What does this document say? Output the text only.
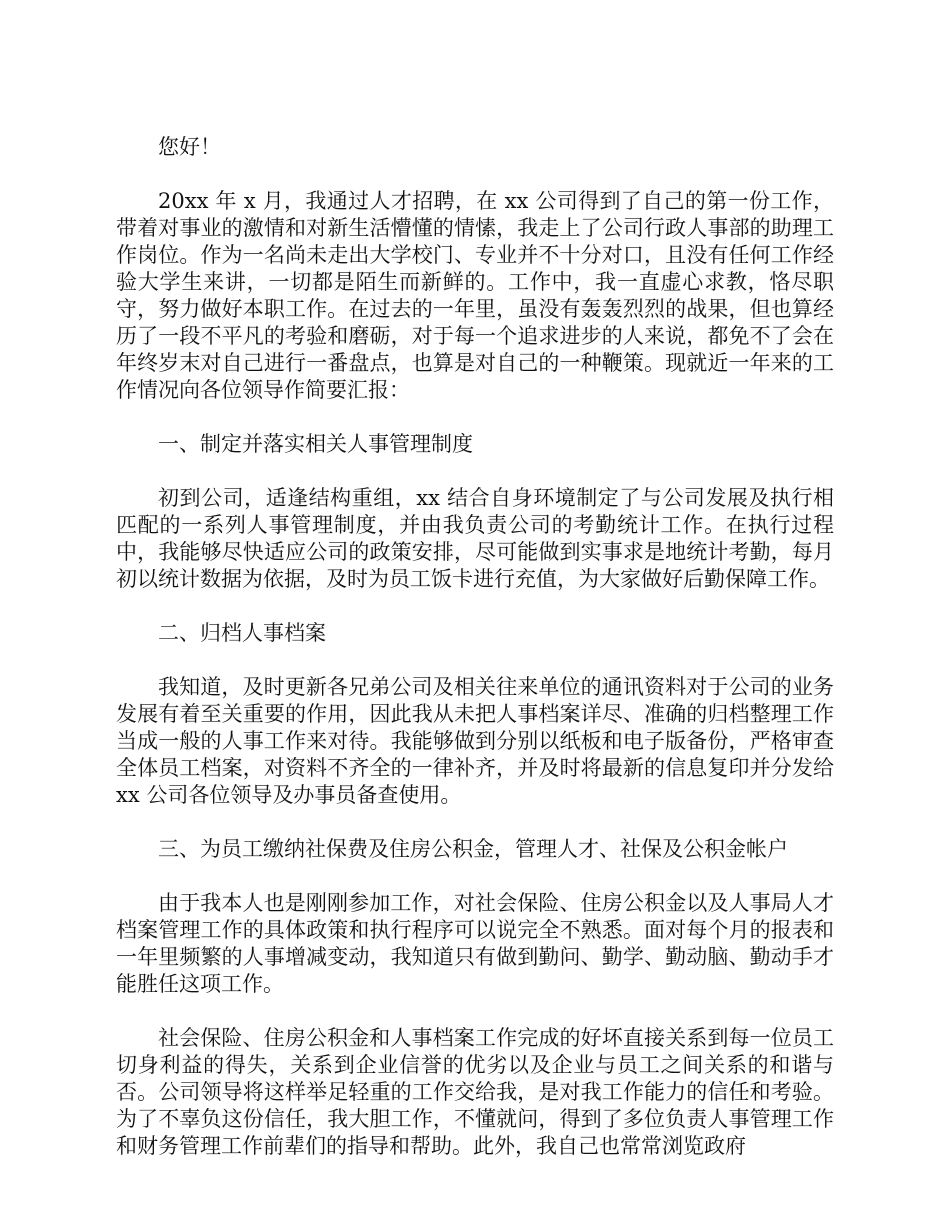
您好！

20xx 年 x 月，我通过人才招聘，在 xx 公司得到了自己的第一份工作，带着对事业的激情和对新生活懵懂的情愫，我走上了公司行政人事部的助理工作岗位。作为一名尚未走出大学校门、专业并不十分对口，且没有任何工作经验大学生来讲，一切都是陌生而新鲜的。工作中，我一直虚心求教，恪尽职守，努力做好本职工作。在过去的一年里，虽没有轰轰烈烈的战果，但也算经历了一段不平凡的考验和磨砺，对于每一个追求进步的人来说，都免不了会在年终岁末对自己进行一番盘点，也算是对自己的一种鞭策。现就近一年来的工作情况向各位领导作简要汇报：

一、制定并落实相关人事管理制度

初到公司，适逢结构重组，xx 结合自身环境制定了与公司发展及执行相匹配的一系列人事管理制度，并由我负责公司的考勤统计工作。在执行过程中，我能够尽快适应公司的政策安排，尽可能做到实事求是地统计考勤，每月初以统计数据为依据，及时为员工饭卡进行充值，为大家做好后勤保障工作。

二、归档人事档案

我知道，及时更新各兄弟公司及相关往来单位的通讯资料对于公司的业务发展有着至关重要的作用，因此我从未把人事档案详尽、准确的归档整理工作当成一般的人事工作来对待。我能够做到分别以纸板和电子版备份，严格审查全体员工档案，对资料不齐全的一律补齐，并及时将最新的信息复印并分发给 xx 公司各位领导及办事员备查使用。

三、为员工缴纳社保费及住房公积金，管理人才、社保及公积金帐户

由于我本人也是刚刚参加工作，对社会保险、住房公积金以及人事局人才档案管理工作的具体政策和执行程序可以说完全不熟悉。面对每个月的报表和一年里频繁的人事增减变动，我知道只有做到勤问、勤学、勤动脑、勤动手才能胜任这项工作。

社会保险、住房公积金和人事档案工作完成的好坏直接关系到每一位员工切身利益的得失，关系到企业信誉的优劣以及企业与员工之间关系的和谐与否。公司领导将这样举足轻重的工作交给我，是对我工作能力的信任和考验。为了不辜负这份信任，我大胆工作，不懂就问，得到了多位负责人事管理工作和财务管理工作前辈们的指导和帮助。此外，我自己也常常浏览政府
